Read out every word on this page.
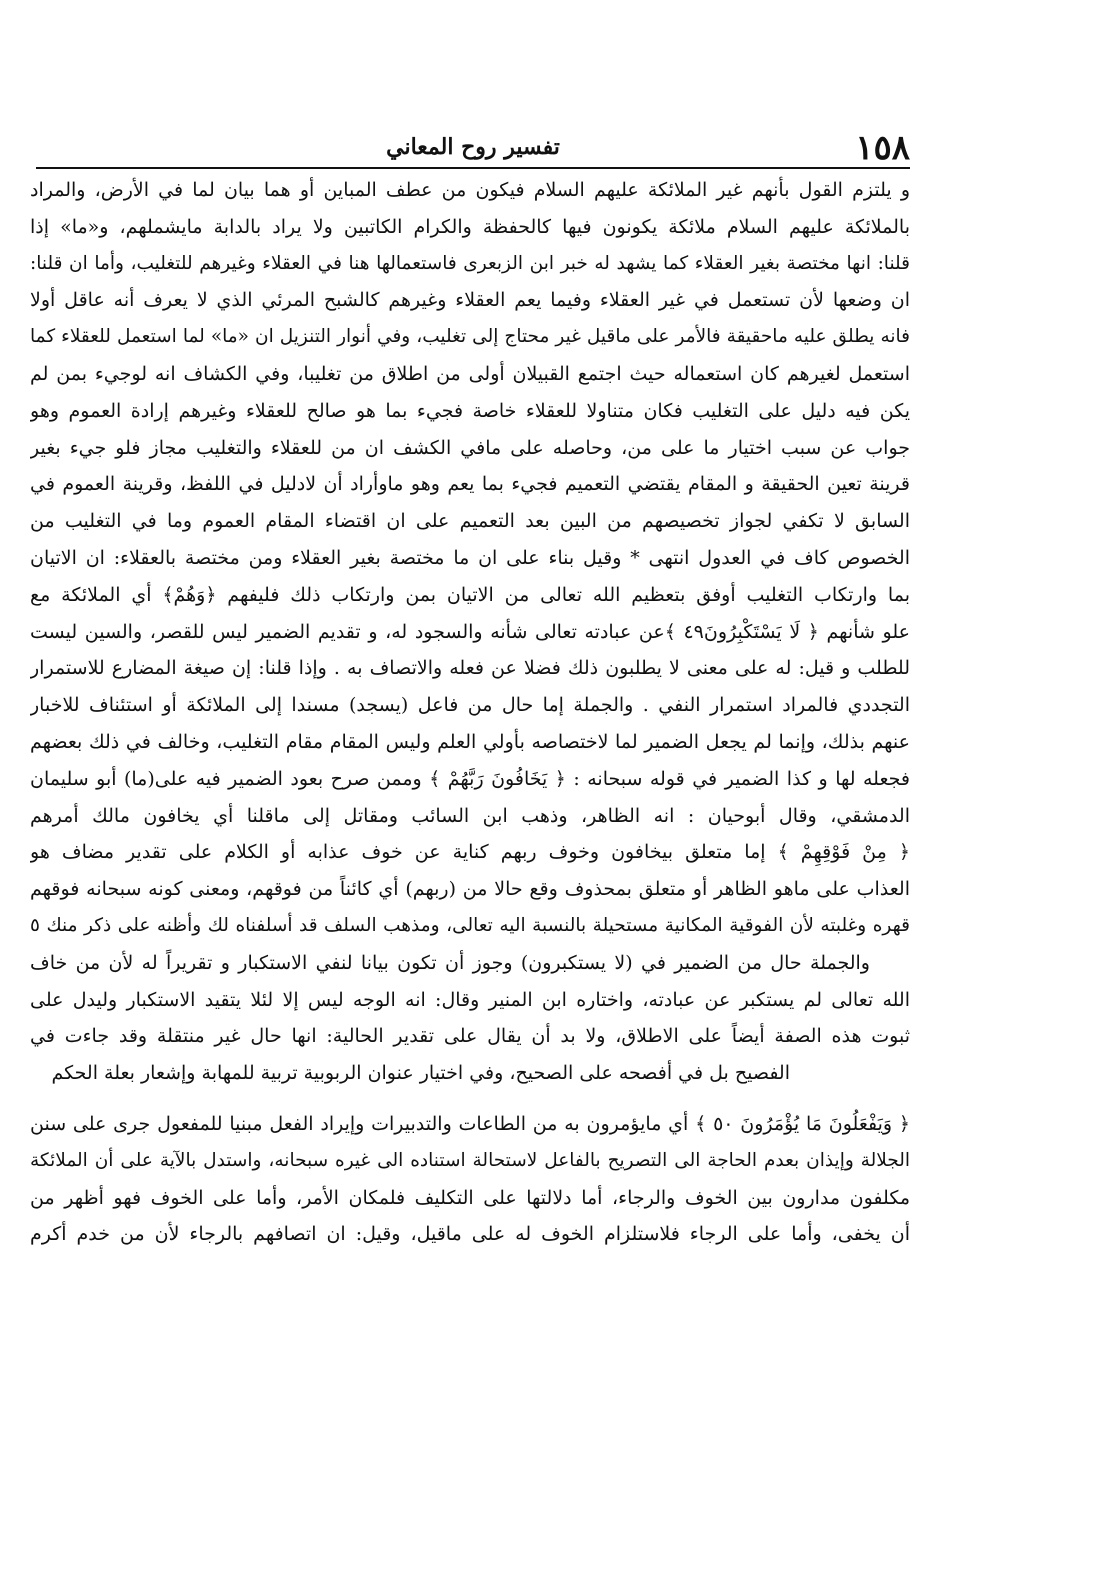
١٥٨
تفسير روح المعاني
و يلتزم القول بأنهم غير الملائكة عليهم السلام فيكون من عطف المباين أو هما بيان لما في الأرض، والمراد
بالملائكة عليهم السلام ملائكة يكونون فيها كالحفظة والكرام الكاتبين ولا يراد بالدابة مايشملهم، و«ما» إذا
قلنا: انها مختصة بغير العقلاء كما يشهد له خبر ابن الزبعرى فاستعمالها هنا في العقلاء وغيرهم للتغليب، وأما ان قلنا:
ان وضعها لأن تستعمل في غير العقلاء وفيما يعم العقلاء وغيرهم كالشبح المرئي الذي لا يعرف أنه عاقل أولا
فانه يطلق عليه ماحقيقة فالأمر على ماقيل غير محتاج إلى تغليب، وفي أنوار التنزيل ان «ما» لما استعمل للعقلاء كما
استعمل لغيرهم كان استعماله حيث اجتمع القبيلان أولى من اطلاق من تغليبا، وفي الكشاف انه لوجيء بمن لم
يكن فيه دليل على التغليب فكان متناولا للعقلاء خاصة فجيء بما هو صالح للعقلاء وغيرهم إرادة العموم وهو
جواب عن سبب اختيار ما على من، وحاصله على مافي الكشف ان من للعقلاء والتغليب مجاز فلو جيء بغير
قرينة تعين الحقيقة و المقام يقتضي التعميم فجيء بما يعم وهو ماوأراد أن لادليل في اللفظ، وقرينة العموم في
السابق لا تكفي لجواز تخصيصهم من البين بعد التعميم على ان اقتضاء المقام العموم وما في التغليب من
الخصوص كاف في العدول انتهى * وقيل بناء على ان ما مختصة بغير العقلاء ومن مختصة بالعقلاء: ان الاتيان
بما وارتكاب التغليب أوفق بتعظيم الله تعالى من الاتيان بمن وارتكاب ذلك فليفهم ﴿وَهُمْ﴾ أي الملائكة مع
علو شأنهم ﴿ لَا يَسْتَكْبِرُونَ٤٩ ﴾عن عبادته تعالى شأنه والسجود له، و تقديم الضمير ليس للقصر، والسين ليست
للطلب و قيل: له على معنى لا يطلبون ذلك فضلا عن فعله والاتصاف به . وإذا قلنا: إن صيغة المضارع للاستمرار
التجددي فالمراد استمرار النفي . والجملة إما حال من فاعل (يسجد) مسندا إلى الملائكة أو استئناف للاخبار
عنهم بذلك، وإنما لم يجعل الضمير لما لاختصاصه بأولي العلم وليس المقام مقام التغليب، وخالف في ذلك بعضهم
فجعله لها و كذا الضمير في قوله سبحانه : ﴿ يَخَافُونَ رَبَّهُمْ ﴾ وممن صرح بعود الضمير فيه على(ما) أبو سليمان
الدمشقي، وقال أبوحيان : انه الظاهر، وذهب ابن السائب ومقاتل إلى ماقلنا أي يخافون مالك أمرهم
﴿ مِنْ فَوْقِهِمْ ﴾ إما متعلق بيخافون وخوف ربهم كناية عن خوف عذابه أو الكلام على تقدير مضاف هو
العذاب على ماهو الظاهر أو متعلق بمحذوف وقع حالا من (ربهم) أي كائناً من فوقهم، ومعنى كونه سبحانه فوقهم
قهره وغلبته لأن الفوقية المكانية مستحيلة بالنسبة اليه تعالى، ومذهب السلف قد أسلفناه لك وأظنه على ذكر منك ٥
والجملة حال من الضمير في (لا يستكبرون) وجوز أن تكون بيانا لنفي الاستكبار و تقريراً له لأن من خاف
الله تعالى لم يستكبر عن عبادته، واختاره ابن المنير وقال: انه الوجه ليس إلا لئلا يتقيد الاستكبار وليدل على
ثبوت هذه الصفة أيضاً على الاطلاق، ولا بد أن يقال على تقدير الحالية: انها حال غير منتقلة وقد جاءت في
الفصيح بل في أفصحه على الصحيح، وفي اختيار عنوان الربوبية تربية للمهابة وإشعار بعلة الحكم
﴿ وَيَفْعَلُونَ مَا يُؤْمَرُونَ ٥٠ ﴾ أي مايؤمرون به من الطاعات والتدبيرات وإيراد الفعل مبنيا للمفعول جرى على سنن
الجلالة وإيذان بعدم الحاجة الى التصريح بالفاعل لاستحالة استناده الى غيره سبحانه، واستدل بالآية على أن الملائكة
مكلفون مدارون بين الخوف والرجاء، أما دلالتها على التكليف فلمكان الأمر، وأما على الخوف فهو أظهر من
أن يخفى، وأما على الرجاء فلاستلزام الخوف له على ماقيل، وقيل: ان اتصافهم بالرجاء لأن من خدم أكرم
